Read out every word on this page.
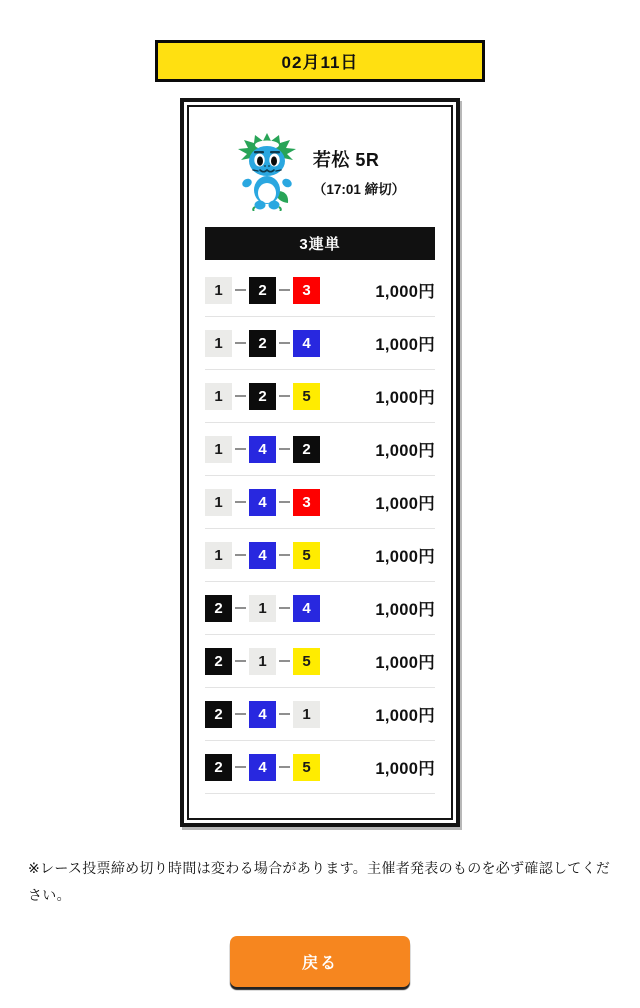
02月11日
若松 5R
（17:01 締切）
3連単
1	2	3	1,000円
1	2	4	1,000円
1	2	5	1,000円
1	4	2	1,000円
1	4	3	1,000円
1	4	5	1,000円
2	1	4	1,000円
2	1	5	1,000円
2	4	1	1,000円
2	4	5	1,000円

※レース投票締め切り時間は変わる場合があります。主催者発表のものを必ず確認してください。

戻る
